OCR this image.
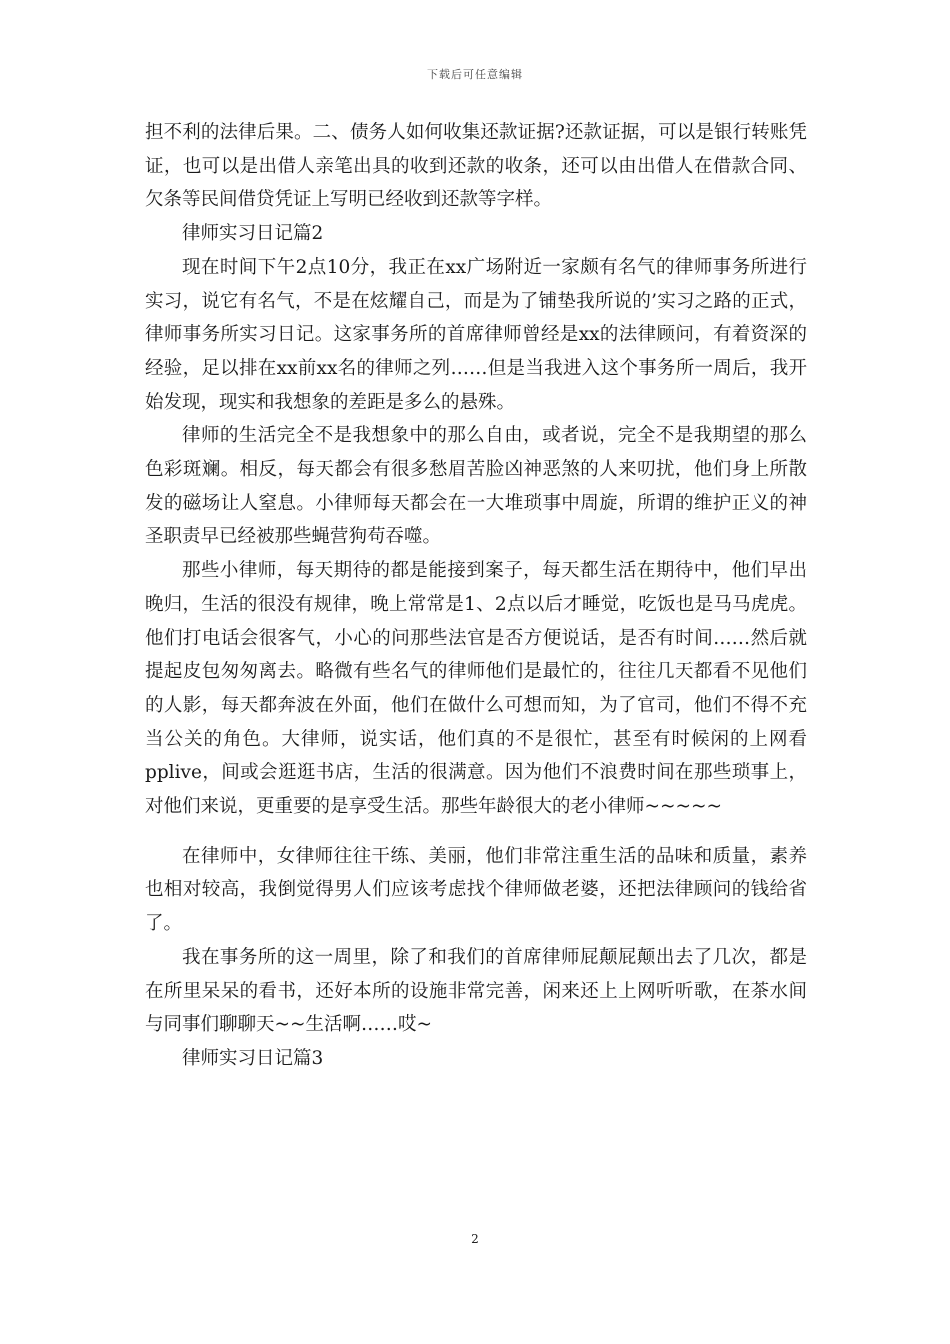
下载后可任意编辑

担不利的法律后果。二、债务人如何收集还款证据?还款证据，可以是银行转账凭证，也可以是出借人亲笔出具的收到还款的收条，还可以由出借人在借款合同、欠条等民间借贷凭证上写明已经收到还款等字样。

律师实习日记篇2

现在时间下午2点10分，我正在xx广场附近一家颇有名气的律师事务所进行实习，说它有名气，不是在炫耀自己，而是为了铺垫我所说的’实习之路的正式，律师事务所实习日记。这家事务所的首席律师曾经是xx的法律顾问，有着资深的经验，足以排在xx前xx名的律师之列……但是当我进入这个事务所一周后，我开始发现，现实和我想象的差距是多么的悬殊。

律师的生活完全不是我想象中的那么自由，或者说，完全不是我期望的那么色彩斑斓。相反，每天都会有很多愁眉苦脸凶神恶煞的人来叨扰，他们身上所散发的磁场让人窒息。小律师每天都会在一大堆琐事中周旋，所谓的维护正义的神圣职责早已经被那些蝇营狗苟吞噬。

那些小律师，每天期待的都是能接到案子，每天都生活在期待中，他们早出晚归，生活的很没有规律，晚上常常是1、2点以后才睡觉，吃饭也是马马虎虎。他们打电话会很客气，小心的问那些法官是否方便说话，是否有时间……然后就提起皮包匆匆离去。略微有些名气的律师他们是最忙的，往往几天都看不见他们的人影，每天都奔波在外面，他们在做什么可想而知，为了官司，他们不得不充当公关的角色。大律师，说实话，他们真的不是很忙，甚至有时候闲的上网看pplive，间或会逛逛书店，生活的很满意。因为他们不浪费时间在那些琐事上，对他们来说，更重要的是享受生活。那些年龄很大的老小律师~~~~~

在律师中，女律师往往干练、美丽，他们非常注重生活的品味和质量，素养也相对较高，我倒觉得男人们应该考虑找个律师做老婆，还把法律顾问的钱给省了。

我在事务所的这一周里，除了和我们的首席律师屁颠屁颠出去了几次，都是在所里呆呆的看书，还好本所的设施非常完善，闲来还上上网听听歌，在茶水间与同事们聊聊天~~生活啊……哎~

律师实习日记篇3

2
